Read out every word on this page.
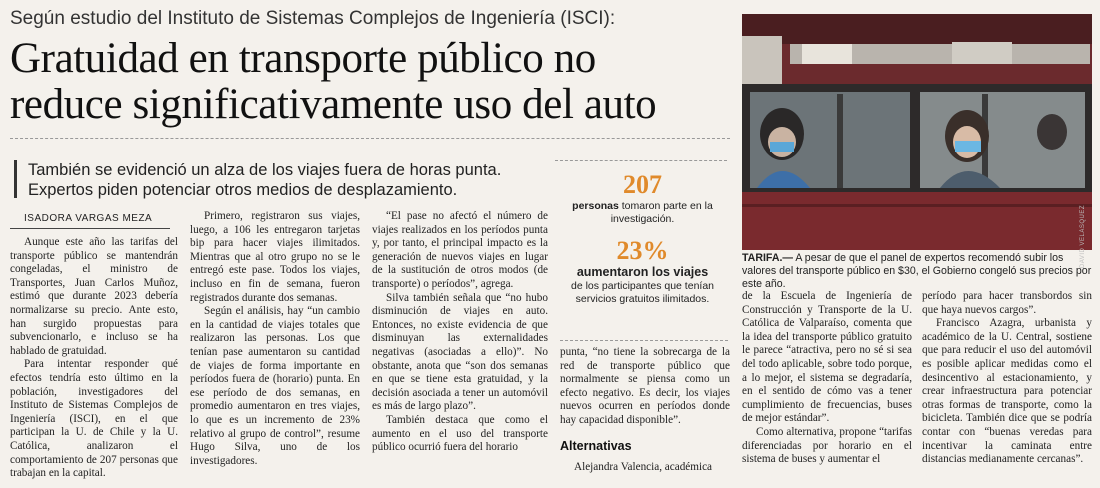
Según estudio del Instituto de Sistemas Complejos de Ingeniería (ISCI):
Gratuidad en transporte público no
reduce significativamente uso del auto
También se evidenció un alza de los viajes fuera de horas punta.
Expertos piden potenciar otros medios de desplazamiento.
ISADORA VARGAS MEZA

Aunque este año las tarifas del transporte público se mantendrán congeladas, el ministro de Transportes, Juan Carlos Muñoz, estimó que durante 2023 debería normalizarse su precio. Ante esto, han surgido propuestas para subvencionarlo, e incluso se ha hablado de gratuidad.

Para intentar responder qué efectos tendría esto último en la población, investigadores del Instituto de Sistemas Complejos de Ingeniería (ISCI), en el que participan la U. de Chile y la U. Católica, analizaron el comportamiento de 207 personas que trabajan en la capital.

Primero, registraron sus viajes, luego, a 106 les entregaron tarjetas bip para hacer viajes ilimitados. Mientras que al otro grupo no se le entregó este pase. Todos los viajes, incluso en fin de semana, fueron registrados durante dos semanas.

Según el análisis, hay “un cambio en la cantidad de viajes totales que realizaron las personas. Los que tenían pase aumentaron su cantidad de viajes de forma importante en períodos fuera de (horario) punta. En ese período de dos semanas, en promedio aumentaron en tres viajes, lo que es un incremento de 23% relativo al grupo de control”, resume Hugo Silva, uno de los investigadores.

“El pase no afectó el número de viajes realizados en los períodos punta y, por tanto, el principal impacto es la generación de nuevos viajes en lugar de la sustitución de otros modos (de transporte) o períodos”, agrega.

Silva también señala que “no hubo disminución de viajes en auto. Entonces, no existe evidencia de que disminuyan las externalidades negativas (asociadas a ello)”. No obstante, anota que “son dos semanas en que se tiene esta gratuidad, y la decisión asociada a tener un automóvil es más de largo plazo”.

También destaca que como el aumento en el uso del transporte público ocurrió fuera del horario

207
personas tomaron parte en la investigación.
23%
aumentaron los viajes
de los participantes que tenían servicios gratuitos ilimitados.

punta, “no tiene la sobrecarga de la red de transporte público que normalmente se piensa como un efecto negativo. Es decir, los viajes nuevos ocurren en períodos donde hay capacidad disponible”.

Alternativas

Alejandra Valencia, académica

de la Escuela de Ingeniería de Construcción y Transporte de la U. Católica de Valparaíso, comenta que la idea del transporte público gratuito le parece “atractiva, pero no sé si sea del todo aplicable, sobre todo porque, a lo mejor, el sistema se degradaría, en el sentido de cómo vas a tener cumplimiento de frecuencias, buses de mejor estándar”.

Como alternativa, propone “tarifas diferenciadas por horario en el sistema de buses y aumentar el

período para hacer transbordos sin que haya nuevos cargos”.

Francisco Azagra, urbanista y académico de la U. Central, sostiene que para reducir el uso del automóvil es posible aplicar medidas como el desincentivo al estacionamiento, y crear infraestructura para potenciar otras formas de transporte, como la bicicleta. También dice que se podría contar con “buenas veredas para incentivar la caminata entre distancias medianamente cercanas”.

DAVID VELÁSQUEZ
TARIFA.— A pesar de que el panel de expertos recomendó subir los valores del transporte público en $30, el Gobierno congeló sus precios por este año.
